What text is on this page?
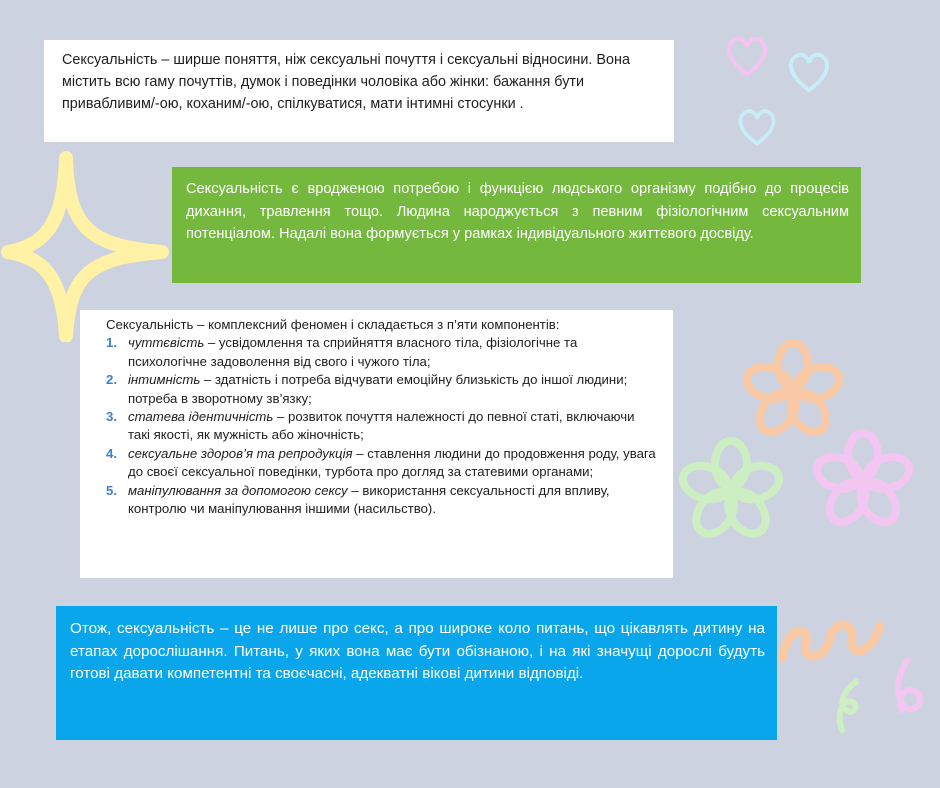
Сексуальність – ширше поняття, ніж сексуальні почуття і сексуальні відносини. Вона містить всю гаму почуттів, думок і поведінки чоловіка або жінки: бажання бути привабливим/-ою, коханим/-ою, спілкуватися, мати інтимні стосунки .

Сексуальність є вродженою потребою і функцією людського організму подібно до процесів дихання, травлення тощо. Людина народжується з певним фізіологічним сексуальним потенціалом. Надалі вона формується у рамках індивідуального життєвого досвіду.

Сексуальність – комплексний феномен і складається з п’яти компонентів:

1. чуттєвість – усвідомлення та сприйняття власного тіла, фізіологічне та психологічне задоволення від свого і чужого тіла;
2. інтимність – здатність і потреба відчувати емоційну близькість до іншої людини; потреба в зворотному зв’язку;
3. статева ідентичність – розвиток почуття належності до певної статі, включаючи такі якості, як мужність або жіночність;
4. сексуальне здоров’я та репродукція – ставлення людини до продовження роду, увага до своєї сексуальної поведінки, турбота про догляд за статевими органами;
5. маніпулювання за допомогою сексу – використання сексуальності для впливу, контролю чи маніпулювання іншими (насильство).

Отож, сексуальність – це не лише про секс, а про широке коло питань, що цікавлять дитину на етапах дорослішання. Питань, у яких вона має бути обізнаною, і на які значущі дорослі будуть готові давати компетентні та своєчасні, адекватні вікові дитини відповіді.
